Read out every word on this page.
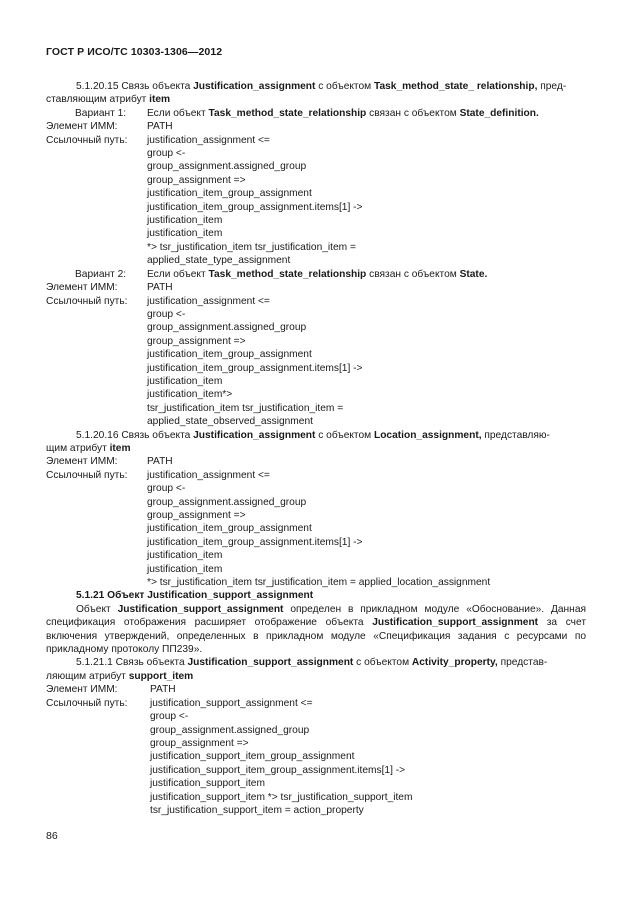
ГОСТ Р ИСО/ТС 10303-1306—2012

5.1.20.15 Связь объекта Justification_assignment с объектом Task_method_state_ relationship, пред-

ставляющим атрибут item

Вариант 1:	Если объект Task_method_state_relationship связан с объектом State_definition.
Элемент ИММ:	PATH
Ссылочный путь:	justification_assignment <=
group <-
group_assignment.assigned_group
group_assignment =>
justification_item_group_assignment
justification_item_group_assignment.items[1] ->
justification_item
justification_item
*> tsr_justification_item tsr_justification_item =
applied_state_type_assignment
Вариант 2:	Если объект Task_method_state_relationship связан с объектом State.
Элемент ИММ:	PATH
Ссылочный путь:	justification_assignment <=
group <-
group_assignment.assigned_group
group_assignment =>
justification_item_group_assignment
justification_item_group_assignment.items[1] ->
justification_item
justification_item*>
tsr_justification_item tsr_justification_item =
applied_state_observed_assignment

5.1.20.16 Связь объекта Justification_assignment с объектом Location_assignment, представляю-

щим атрибут item

Элемент ИММ:	PATH
Ссылочный путь:	justification_assignment <=
group <-
group_assignment.assigned_group
group_assignment =>
justification_item_group_assignment
justification_item_group_assignment.items[1] ->
justification_item
justification_item
*> tsr_justification_item tsr_justification_item = applied_location_assignment

5.1.21 Объект Justification_support_assignment

Объект Justification_support_assignment определен в прикладном модуле «Обоснование». Данная спецификация отображения расширяет отображение объекта Justification_support_assignment за счет включения утверждений, определенных в прикладном модуле «Спецификация задания с ресурсами по прикладному протоколу ПП239».

5.1.21.1 Связь объекта Justification_support_assignment с объектом Activity_property, представ-

ляющим атрибут support_item

Элемент ИММ:	PATH
Ссылочный путь:	justification_support_assignment <=
group <-
group_assignment.assigned_group
group_assignment =>
justification_support_item_group_assignment
justification_support_item_group_assignment.items[1] ->
justification_support_item
justification_support_item *> tsr_justification_support_item
tsr_justification_support_item = action_property
86
